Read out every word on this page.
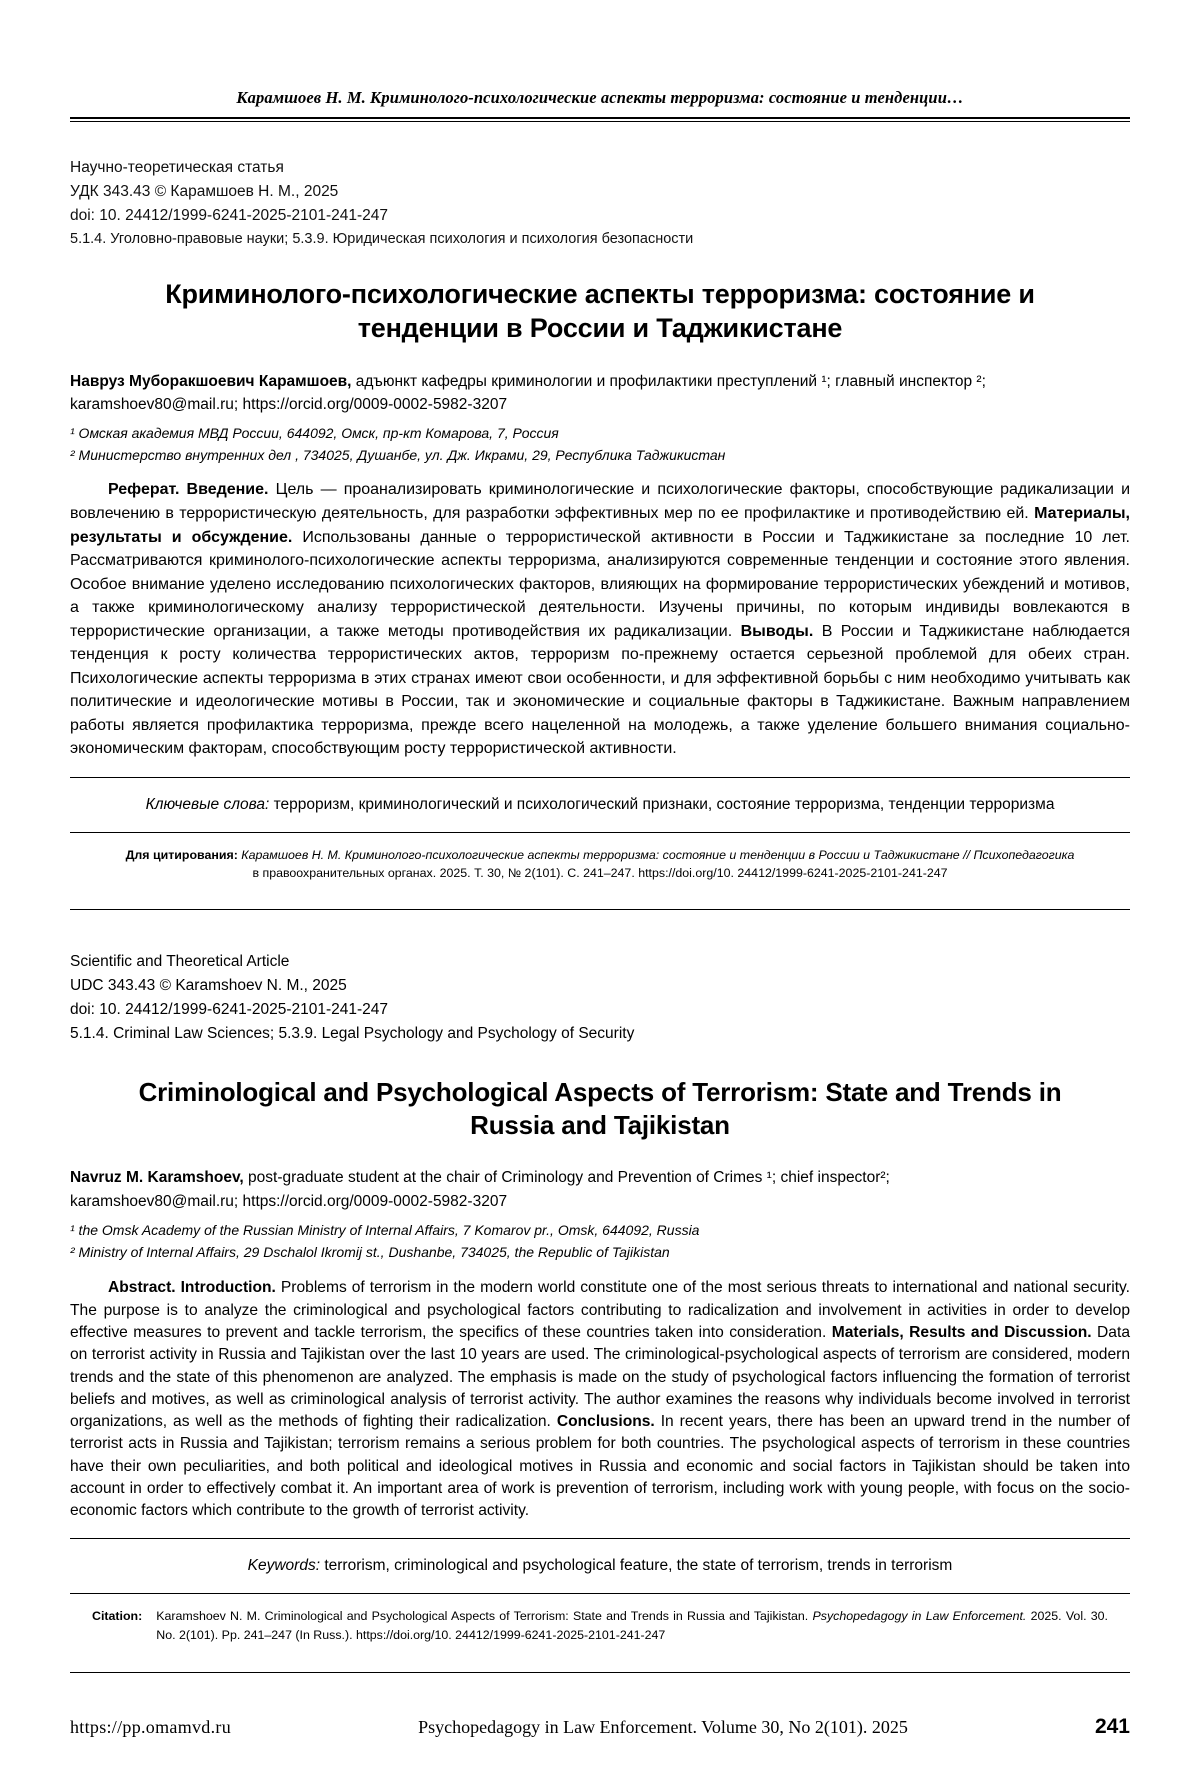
Карамшоев Н. М. Криминолого-психологические аспекты терроризма: состояние и тенденции…
Научно-теоретическая статья
УДК 343.43 © Карамшоев Н. М., 2025
doi: 10. 24412/1999-6241-2025-2101-241-247
5.1.4. Уголовно-правовые науки; 5.3.9. Юридическая психология и психология безопасности
Криминолого-психологические аспекты терроризма: состояние и тенденции в России и Таджикистане
Навруз Муборакшоевич Карамшоев, адъюнкт кафедры криминологии и профилактики преступлений ¹; главный инспектор ²;
karamshoev80@mail.ru; https://orcid.org/0009-0002-5982-3207
¹ Омская академия МВД России, 644092, Омск, пр-кт Комарова, 7, Россия
² Министерство внутренних дел , 734025, Душанбе, ул. Дж. Икрами, 29, Республика Таджикистан

Реферат. Введение. Цель — проанализировать криминологические и психологические факторы, способствующие радикализации и вовлечению в террористическую деятельность, для разработки эффективных мер по ее профилактике и противодействию ей. Материалы, результаты и обсуждение. Использованы данные о террористической активности в России и Таджикистане за последние 10 лет. Рассматриваются криминолого-психологические аспекты терроризма, анализируются современные тенденции и состояние этого явления. Особое внимание уделено исследованию психологических факторов, влияющих на формирование террористических убеждений и мотивов, а также криминологическому анализу террористической деятельности. Изучены причины, по которым индивиды вовлекаются в террористические организации, а также методы противодействия их радикализации. Выводы. В России и Таджикистане наблюдается тенденция к росту количества террористических актов, терроризм по-прежнему остается серьезной проблемой для обеих стран. Психологические аспекты терроризма в этих странах имеют свои особенности, и для эффективной борьбы с ним необходимо учитывать как политические и идеологические мотивы в России, так и экономические и социальные факторы в Таджикистане. Важным направлением работы является профилактика терроризма, прежде всего нацеленной на молодежь, а также уделение большего внимания социально-экономическим факторам, способствующим росту террористической активности.

Ключевые слова: терроризм, криминологический и психологический признаки, состояние терроризма, тенденции терроризма

Для цитирования: Карамшоев Н. М. Криминолого-психологические аспекты терроризма: состояние и тенденции в России и Таджикистане // Психопедагогика
в правоохранительных органах. 2025. Т. 30, № 2(101). С. 241–247. https://doi.org/10. 24412/1999-6241-2025-2101-241-247
Scientific and Theoretical Article
UDC 343.43 © Karamshoev N. M., 2025
doi: 10. 24412/1999-6241-2025-2101-241-247
5.1.4. Criminal Law Sciences; 5.3.9. Legal Psychology and Psychology of Security
Criminological and Psychological Aspects of Terrorism: State and Trends in Russia and Tajikistan
Navruz M. Karamshoev, post-graduate student at the chair of Criminology and Prevention of Crimes ¹; chief inspector²;
karamshoev80@mail.ru; https://orcid.org/0009-0002-5982-3207
¹ the Omsk Academy of the Russian Ministry of Internal Affairs, 7 Komarov pr., Omsk, 644092, Russia
² Ministry of Internal Affairs, 29 Dschalol Ikromij st., Dushanbe, 734025, the Republic of Tajikistan

Abstract. Introduction. Problems of terrorism in the modern world constitute one of the most serious threats to international and national security. The purpose is to analyze the criminological and psychological factors contributing to radicalization and involvement in activities in order to develop effective measures to prevent and tackle terrorism, the specifics of these countries taken into consideration. Materials, Results and Discussion. Data on terrorist activity in Russia and Tajikistan over the last 10 years are used. The criminological-psychological aspects of terrorism are considered, modern trends and the state of this phenomenon are analyzed. The emphasis is made on the study of psychological factors influencing the formation of terrorist beliefs and motives, as well as criminological analysis of terrorist activity. The author examines the reasons why individuals become involved in terrorist organizations, as well as the methods of fighting their radicalization. Conclusions. In recent years, there has been an upward trend in the number of terrorist acts in Russia and Tajikistan; terrorism remains a serious problem for both countries. The psychological aspects of terrorism in these countries have their own peculiarities, and both political and ideological motives in Russia and economic and social factors in Tajikistan should be taken into account in order to effectively combat it. An important area of work is prevention of terrorism, including work with young people, with focus on the socio-economic factors which contribute to the growth of terrorist activity.

Keywords: terrorism, criminological and psychological feature, the state of terrorism, trends in terrorism

Citation: Karamshoev N. M. Criminological and Psychological Aspects of Terrorism: State and Trends in Russia and Tajikistan. Psychopedagogy in Law Enforcement. 2025. Vol. 30. No. 2(101). Pp. 241–247 (In Russ.). https://doi.org/10. 24412/1999-6241-2025-2101-241-247
https://pp.omamvd.ru	Psychopedagogy in Law Enforcement. Volume 30, No 2(101). 2025	241
